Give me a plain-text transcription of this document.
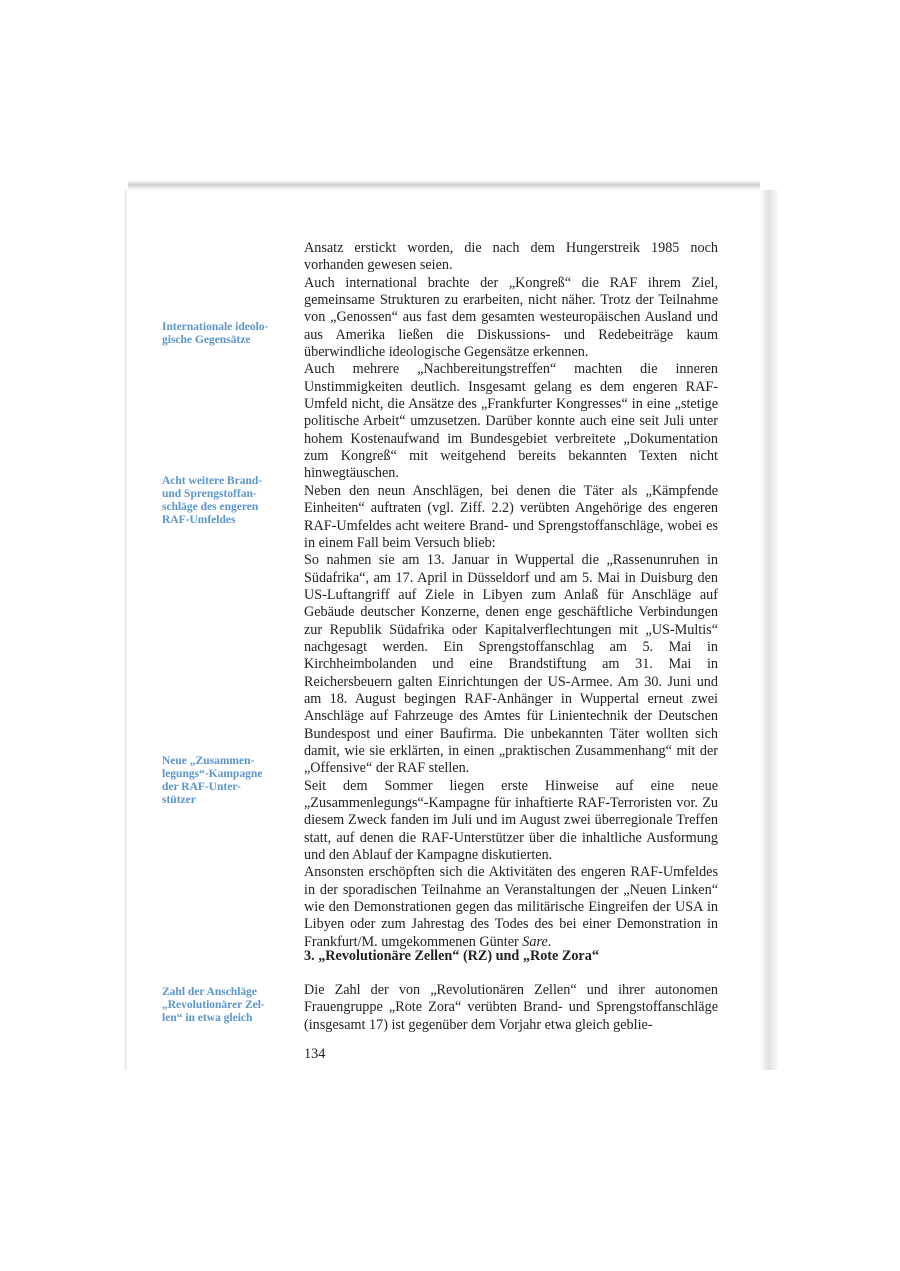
Internationale ideolo-
gische Gegensätze
Acht weitere Brand-
und Sprengstoffan-
schläge des engeren
RAF-Umfeldes
Neue „Zusammen-
legungs“-Kampagne
der RAF-Unter-
stützer
Zahl der Anschläge
„Revolutionärer Zel-
len“ in etwa gleich

Ansatz erstickt worden, die nach dem Hungerstreik 1985 noch vorhanden gewesen seien.

Auch international brachte der „Kongreß“ die RAF ihrem Ziel, gemeinsame Strukturen zu erarbeiten, nicht näher. Trotz der Teilnahme von „Genossen“ aus fast dem gesamten westeuropäischen Ausland und aus Amerika ließen die Diskussions- und Redebeiträge kaum überwindliche ideologische Gegensätze erkennen.

Auch mehrere „Nachbereitungstreffen“ machten die inneren Unstimmigkeiten deutlich. Insgesamt gelang es dem engeren RAF-Umfeld nicht, die Ansätze des „Frankfurter Kongresses“ in eine „stetige politische Arbeit“ umzusetzen. Darüber konnte auch eine seit Juli unter hohem Kostenaufwand im Bundesgebiet verbreitete „Dokumentation zum Kongreß“ mit weitgehend bereits bekannten Texten nicht hinwegtäuschen.

Neben den neun Anschlägen, bei denen die Täter als „Kämpfende Einheiten“ auftraten (vgl. Ziff. 2.2) verübten Angehörige des engeren RAF-Umfeldes acht weitere Brand- und Sprengstoffanschläge, wobei es in einem Fall beim Versuch blieb:

So nahmen sie am 13. Januar in Wuppertal die „Rassenunruhen in Südafrika“, am 17. April in Düsseldorf und am 5. Mai in Duisburg den US-Luftangriff auf Ziele in Libyen zum Anlaß für Anschläge auf Gebäude deutscher Konzerne, denen enge geschäftliche Verbindungen zur Republik Südafrika oder Kapitalverflechtungen mit „US-Multis“ nachgesagt werden. Ein Sprengstoffanschlag am 5. Mai in Kirchheimbolanden und eine Brandstiftung am 31. Mai in Reichersbeuern galten Einrichtungen der US-Armee. Am 30. Juni und am 18. August begingen RAF-Anhänger in Wuppertal erneut zwei Anschläge auf Fahrzeuge des Amtes für Linientechnik der Deutschen Bundespost und einer Baufirma. Die unbekannten Täter wollten sich damit, wie sie erklärten, in einen „praktischen Zusammenhang“ mit der „Offensive“ der RAF stellen.

Seit dem Sommer liegen erste Hinweise auf eine neue „Zusammenlegungs“-Kampagne für inhaftierte RAF-Terroristen vor. Zu diesem Zweck fanden im Juli und im August zwei überregionale Treffen statt, auf denen die RAF-Unterstützer über die inhaltliche Ausformung und den Ablauf der Kampagne diskutierten.

Ansonsten erschöpften sich die Aktivitäten des engeren RAF-Umfeldes in der sporadischen Teilnahme an Veranstaltungen der „Neuen Linken“ wie den Demonstrationen gegen das militärische Eingreifen der USA in Libyen oder zum Jahrestag des Todes des bei einer Demonstration in Frankfurt/M. umgekommenen Günter Sare.

3. „Revolutionäre Zellen“ (RZ) und „Rote Zora“
Die Zahl der von „Revolutionären Zellen“ und ihrer autonomen Frauengruppe „Rote Zora“ verübten Brand- und Sprengstoffanschläge (insgesamt 17) ist gegenüber dem Vorjahr etwa gleich geblie-
134
